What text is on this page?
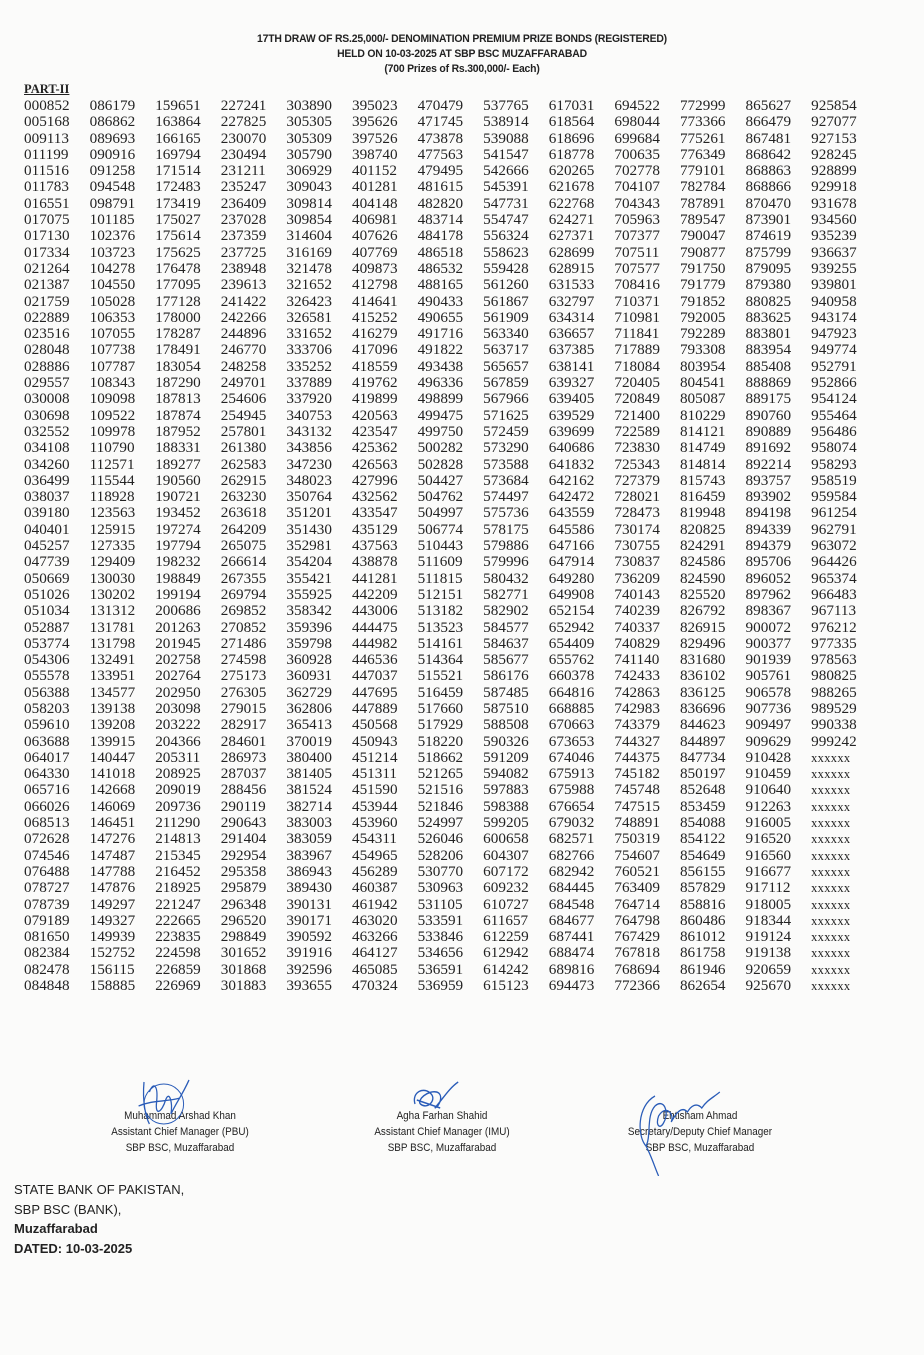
17TH DRAW OF RS.25,000/- DENOMINATION PREMIUM PRIZE BONDS (REGISTERED)
HELD ON 10-03-2025 AT SBP BSC MUZAFFARABAD
(700 Prizes of Rs.300,000/- Each)
PART-II
000852	086179	159651	227241	303890	395023	470479	537765	617031	694522	772999	865627	925854
005168	086862	163864	227825	305305	395626	471745	538914	618564	698044	773366	866479	927077
009113	089693	166165	230070	305309	397526	473878	539088	618696	699684	775261	867481	927153
011199	090916	169794	230494	305790	398740	477563	541547	618778	700635	776349	868642	928245
011516	091258	171514	231211	306929	401152	479495	542666	620265	702778	779101	868863	928899
011783	094548	172483	235247	309043	401281	481615	545391	621678	704107	782784	868866	929918
016551	098791	173419	236409	309814	404148	482820	547731	622768	704343	787891	870470	931678
017075	101185	175027	237028	309854	406981	483714	554747	624271	705963	789547	873901	934560
017130	102376	175614	237359	314604	407626	484178	556324	627371	707377	790047	874619	935239
017334	103723	175625	237725	316169	407769	486518	558623	628699	707511	790877	875799	936637
021264	104278	176478	238948	321478	409873	486532	559428	628915	707577	791750	879095	939255
021387	104550	177095	239613	321652	412798	488165	561260	631533	708416	791779	879380	939801
021759	105028	177128	241422	326423	414641	490433	561867	632797	710371	791852	880825	940958
022889	106353	178000	242266	326581	415252	490655	561909	634314	710981	792005	883625	943174
023516	107055	178287	244896	331652	416279	491716	563340	636657	711841	792289	883801	947923
028048	107738	178491	246770	333706	417096	491822	563717	637385	717889	793308	883954	949774
028886	107787	183054	248258	335252	418559	493438	565657	638141	718084	803954	885408	952791
029557	108343	187290	249701	337889	419762	496336	567859	639327	720405	804541	888869	952866
030008	109098	187813	254606	337920	419899	498899	567966	639405	720849	805087	889175	954124
030698	109522	187874	254945	340753	420563	499475	571625	639529	721400	810229	890760	955464
032552	109978	187952	257801	343132	423547	499750	572459	639699	722589	814121	890889	956486
034108	110790	188331	261380	343856	425362	500282	573290	640686	723830	814749	891692	958074
034260	112571	189277	262583	347230	426563	502828	573588	641832	725343	814814	892214	958293
036499	115544	190560	262915	348023	427996	504427	573684	642162	727379	815743	893757	958519
038037	118928	190721	263230	350764	432562	504762	574497	642472	728021	816459	893902	959584
039180	123563	193452	263618	351201	433547	504997	575736	643559	728473	819948	894198	961254
040401	125915	197274	264209	351430	435129	506774	578175	645586	730174	820825	894339	962791
045257	127335	197794	265075	352981	437563	510443	579886	647166	730755	824291	894379	963072
047739	129409	198232	266614	354204	438878	511609	579996	647914	730837	824586	895706	964426
050669	130030	198849	267355	355421	441281	511815	580432	649280	736209	824590	896052	965374
051026	130202	199194	269794	355925	442209	512151	582771	649908	740143	825520	897962	966483
051034	131312	200686	269852	358342	443006	513182	582902	652154	740239	826792	898367	967113
052887	131781	201263	270852	359396	444475	513523	584577	652942	740337	826915	900072	976212
053774	131798	201945	271486	359798	444982	514161	584637	654409	740829	829496	900377	977335
054306	132491	202758	274598	360928	446536	514364	585677	655762	741140	831680	901939	978563
055578	133951	202764	275173	360931	447037	515521	586176	660378	742433	836102	905761	980825
056388	134577	202950	276305	362729	447695	516459	587485	664816	742863	836125	906578	988265
058203	139138	203098	279015	362806	447889	517660	587510	668885	742983	836696	907736	989529
059610	139208	203222	282917	365413	450568	517929	588508	670663	743379	844623	909497	990338
063688	139915	204366	284601	370019	450943	518220	590326	673653	744327	844897	909629	999242
064017	140447	205311	286973	380400	451214	518662	591209	674046	744375	847734	910428	xxxxxx
064330	141018	208925	287037	381405	451311	521265	594082	675913	745182	850197	910459	xxxxxx
065716	142668	209019	288456	381524	451590	521516	597883	675988	745748	852648	910640	xxxxxx
066026	146069	209736	290119	382714	453944	521846	598388	676654	747515	853459	912263	xxxxxx
068513	146451	211290	290643	383003	453960	524997	599205	679032	748891	854088	916005	xxxxxx
072628	147276	214813	291404	383059	454311	526046	600658	682571	750319	854122	916520	xxxxxx
074546	147487	215345	292954	383967	454965	528206	604307	682766	754607	854649	916560	xxxxxx
076488	147788	216452	295358	386943	456289	530770	607172	682942	760521	856155	916677	xxxxxx
078727	147876	218925	295879	389430	460387	530963	609232	684445	763409	857829	917112	xxxxxx
078739	149297	221247	296348	390131	461942	531105	610727	684548	764714	858816	918005	xxxxxx
079189	149327	222665	296520	390171	463020	533591	611657	684677	764798	860486	918344	xxxxxx
081650	149939	223835	298849	390592	463266	533846	612259	687441	767429	861012	919124	xxxxxx
082384	152752	224598	301652	391916	464127	534656	612942	688474	767818	861758	919138	xxxxxx
082478	156115	226859	301868	392596	465085	536591	614242	689816	768694	861946	920659	xxxxxx
084848	158885	226969	301883	393655	470324	536959	615123	694473	772366	862654	925670	xxxxxx
Muhammad Arshad Khan
Assistant Chief Manager (PBU)
SBP BSC, Muzaffarabad
Agha Farhan Shahid
Assistant Chief Manager (IMU)
SBP BSC, Muzaffarabad
Ehtisham Ahmad
Secretary/Deputy Chief Manager
SBP BSC, Muzaffarabad
STATE BANK OF PAKISTAN,
SBP BSC (BANK),
Muzaffarabad
DATED: 10-03-2025
